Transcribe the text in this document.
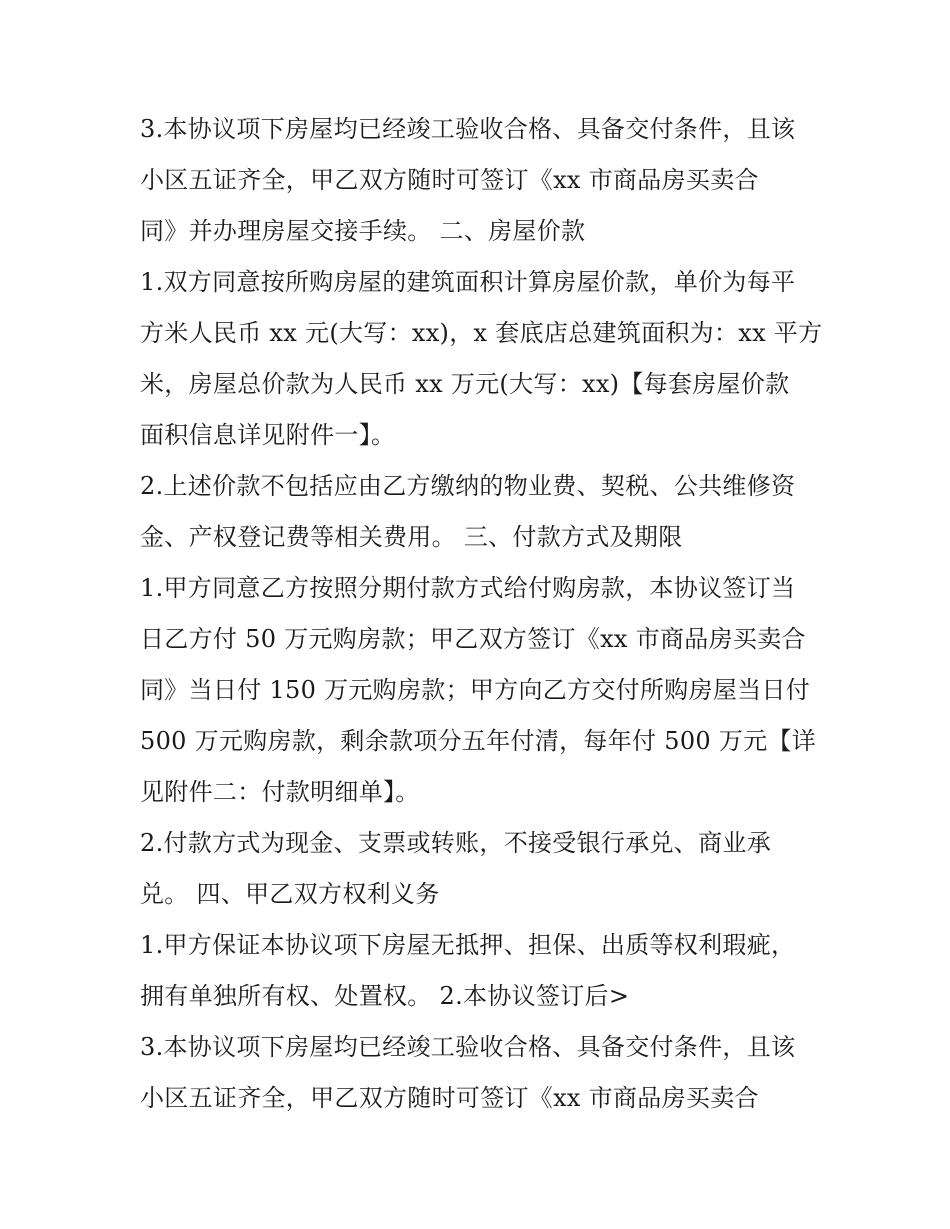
3.本协议项下房屋均已经竣工验收合格、具备交付条件，且该
小区五证齐全，甲乙双方随时可签订《xx 市商品房买卖合
同》并办理房屋交接手续。 二、房屋价款
1.双方同意按所购房屋的建筑面积计算房屋价款，单价为每平
方米人民币 xx 元(大写：xx)，x 套底店总建筑面积为：xx 平方
米，房屋总价款为人民币 xx 万元(大写：xx)【每套房屋价款
面积信息详见附件一】。
2.上述价款不包括应由乙方缴纳的物业费、契税、公共维修资
金、产权登记费等相关费用。 三、付款方式及期限
1.甲方同意乙方按照分期付款方式给付购房款，本协议签订当
日乙方付 50 万元购房款；甲乙双方签订《xx 市商品房买卖合
同》当日付 150 万元购房款；甲方向乙方交付所购房屋当日付
500 万元购房款，剩余款项分五年付清，每年付 500 万元【详
见附件二：付款明细单】。
2.付款方式为现金、支票或转账，不接受银行承兑、商业承
兑。 四、甲乙双方权利义务
1.甲方保证本协议项下房屋无抵押、担保、出质等权利瑕疵，
拥有单独所有权、处置权。 2.本协议签订后>
3.本协议项下房屋均已经竣工验收合格、具备交付条件，且该
小区五证齐全，甲乙双方随时可签订《xx 市商品房买卖合
